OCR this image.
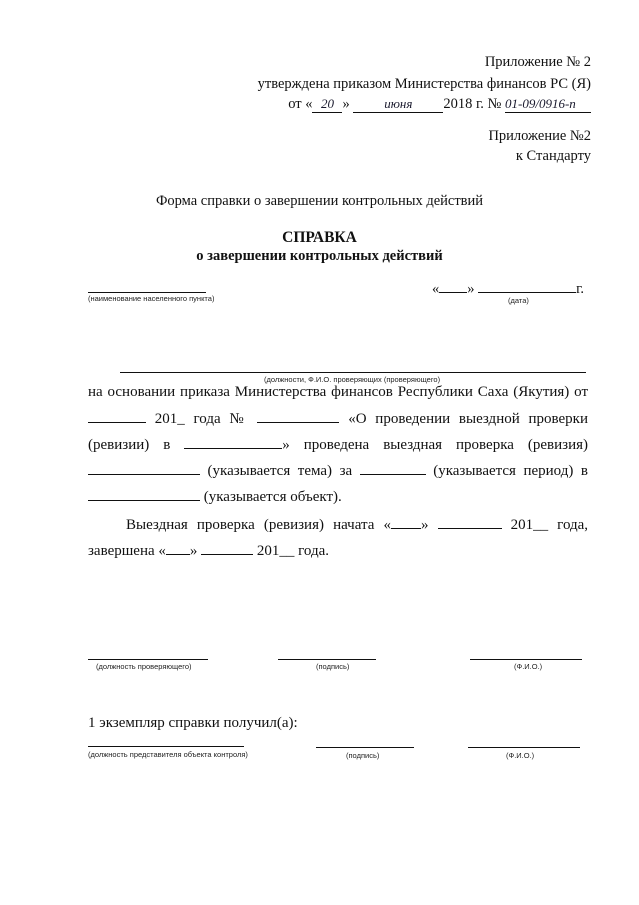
Приложение № 2
утверждена приказом Министерства финансов РС (Я)
от « 20 »	июня 2018 г. № 01-09/0916-п
Приложение №2
к Стандарту
Форма справки о завершении контрольных действий
СПРАВКА
о завершении контрольных действий
(наименование населенного пункта)
« »	г.
(дата)
(должности, Ф.И.О. проверяющих (проверяющего)
на основании приказа Министерства финансов Республики Саха (Якутия) от
201_ года №	«О проведении выездной проверки
(ревизии) в	» проведена выездная проверка (ревизия)
(указывается тема) за	(указывается период) в
(указывается объект).
Выездная проверка (ревизия) начата « »	201__ года,
завершена « »	201__ года.
(должность проверяющего)	(подпись)	(Ф.И.О.)
1 экземпляр справки получил(а):
(должность представителя объекта контроля)	(подпись)	(Ф.И.О.)
